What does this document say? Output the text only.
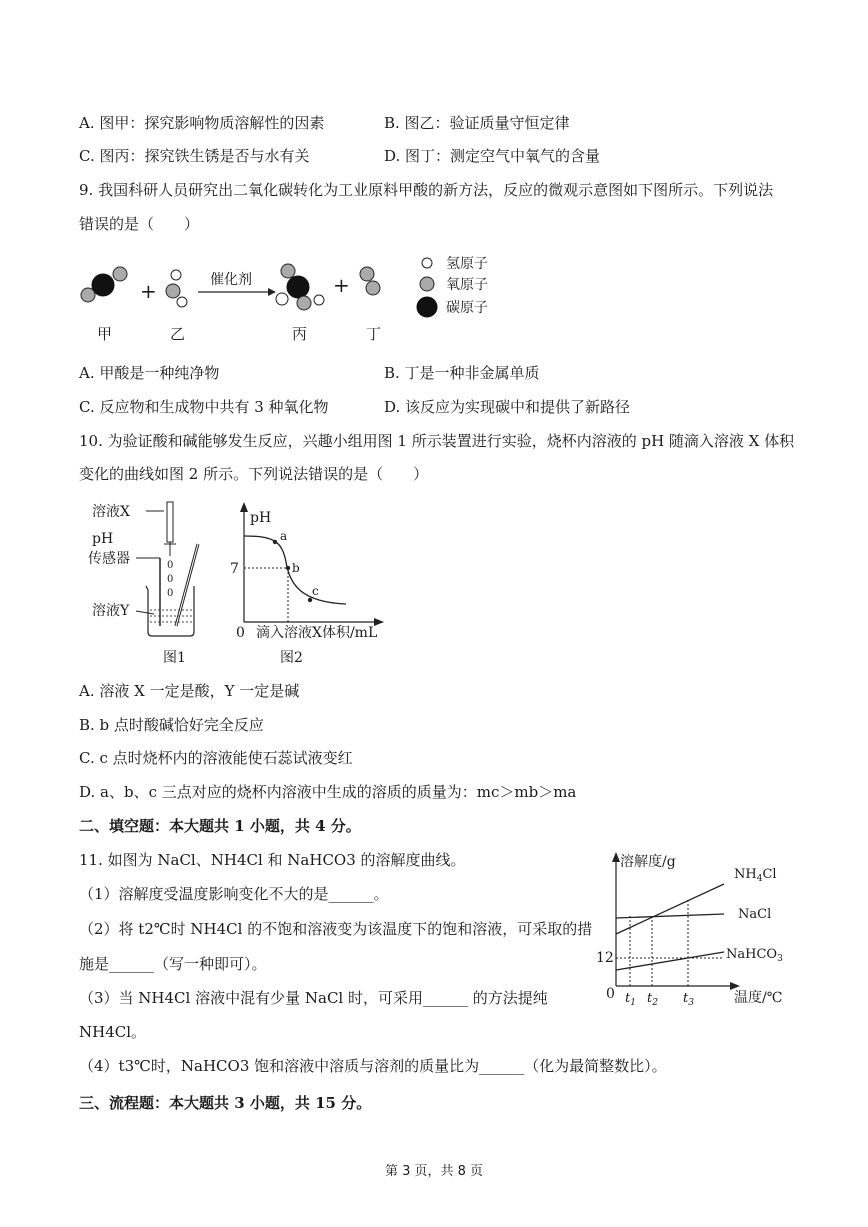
A. 图甲：探究影响物质溶解性的因素	B. 图乙：验证质量守恒定律
C. 图丙：探究铁生锈是否与水有关	D. 图丁：测定空气中氧气的含量
9. 我国科研人员研究出二氧化碳转化为工业原料甲酸的新方法，反应的微观示意图如下图所示。下列说法
错误的是（　　）
+	催化剂	+
氢原子
氧原子
碳原子
甲	乙	丙	丁
A. 甲酸是一种纯净物	B. 丁是一种非金属单质
C. 反应物和生成物中共有 3 种氧化物	D. 该反应为实现碳中和提供了新路径
10. 为验证酸和碱能够发生反应，兴趣小组用图 1 所示装置进行实验，烧杯内溶液的 pH 随滴入溶液 X 体积
变化的曲线如图 2 所示。下列说法错误的是（　　）
溶液X
0
0
0
pH
传感器
溶液Y
图1
pH
7
a
b
c
0 滴入溶液X体积/mL
图2
A. 溶液 X 一定是酸，Y 一定是碱
B. b 点时酸碱恰好完全反应
C. c 点时烧杯内的溶液能使石蕊试液变红
D. a、b、c 三点对应的烧杯内溶液中生成的溶质的质量为：mc＞mb＞ma
二、填空题：本大题共 1 小题，共 4 分。
11. 如图为 NaCl、NH4Cl 和 NaHCO3 的溶解度曲线。
（1）溶解度受温度影响变化不大的是______。
（2）将 t2℃时 NH4Cl 的不饱和溶液变为该温度下的饱和溶液，可采取的措
施是______（写一种即可）。
（3）当 NH4Cl 溶液中混有少量 NaCl 时，可采用______ 的方法提纯
NH4Cl。
（4）t3℃时，NaHCO3 饱和溶液中溶质与溶剂的质量比为______（化为最简整数比）。
溶解度/g
温度/℃
0
12
$t_1$ $t_2$ $t_3$
$NH_4Cl$
NaCl
NaHCO$_3$
三、流程题：本大题共 3 小题，共 15 分。
第 3 页，共 8 页
